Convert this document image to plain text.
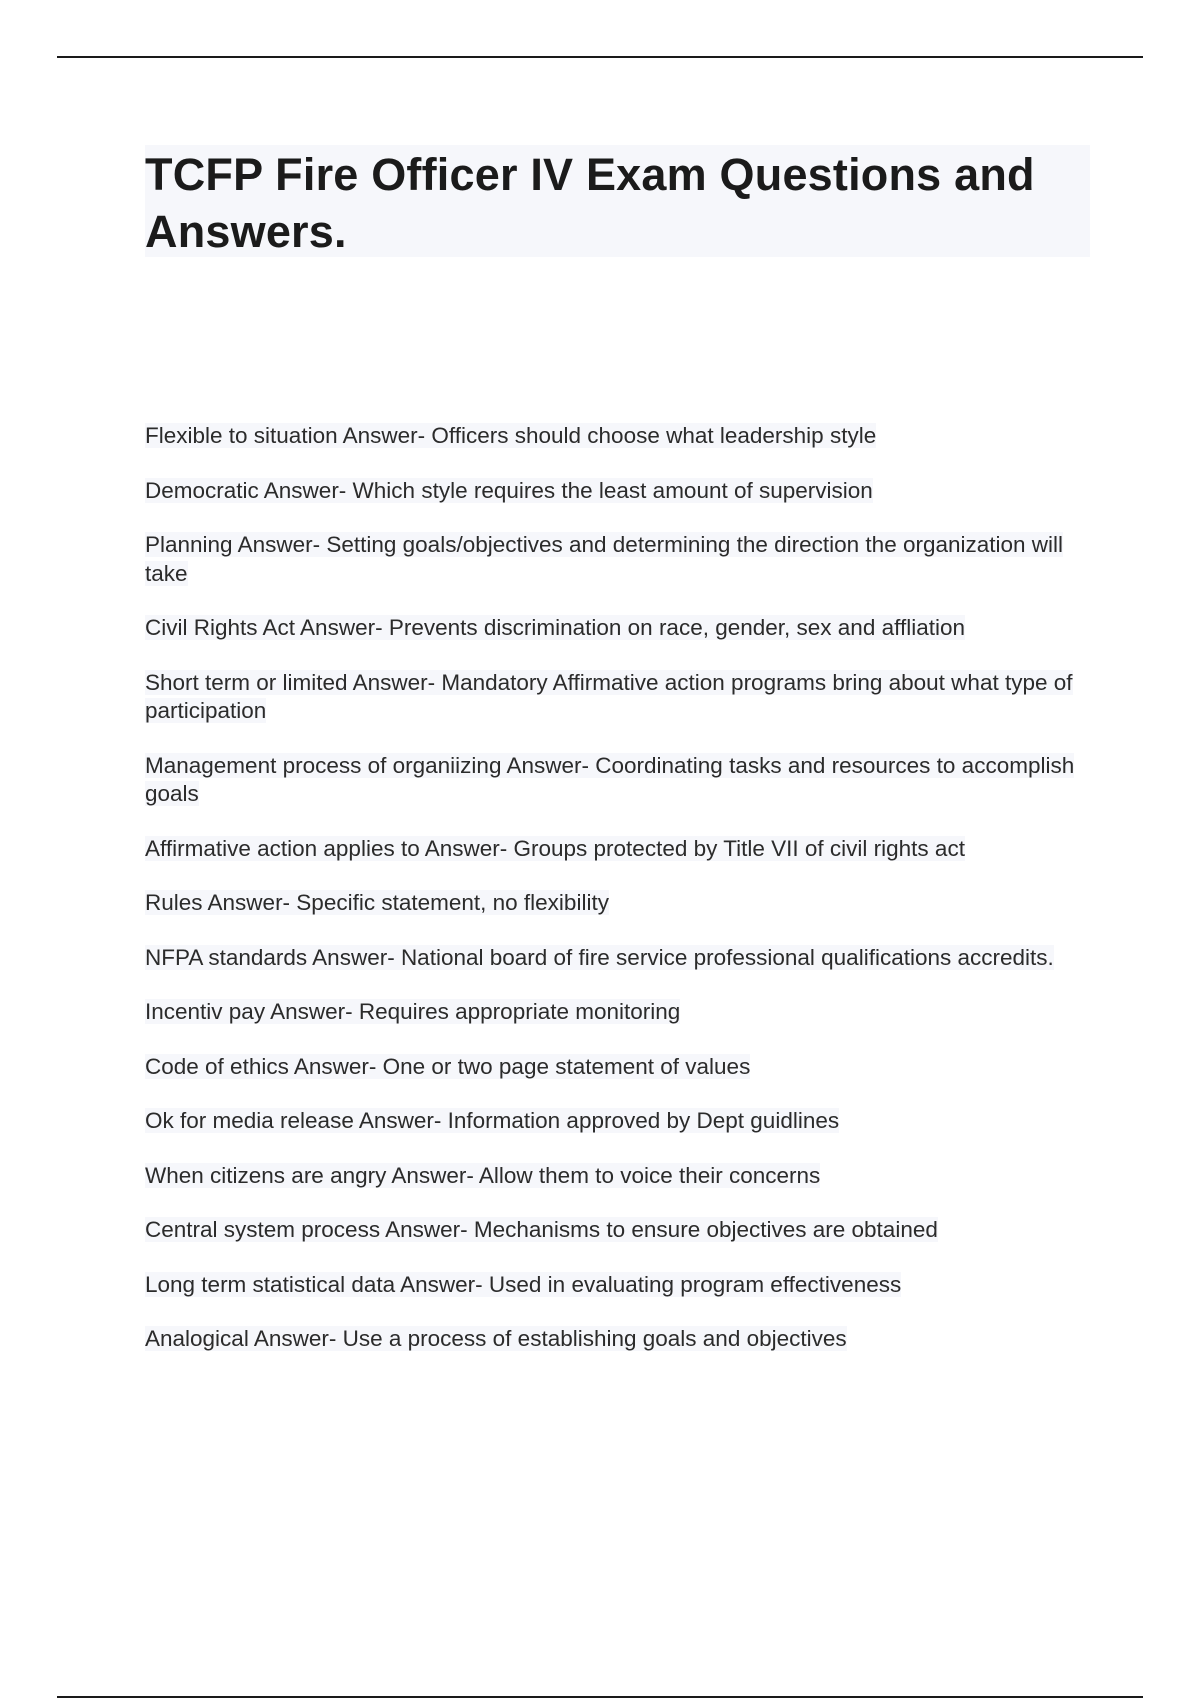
TCFP Fire Officer IV Exam Questions and Answers.
Flexible to situation Answer- Officers should choose what leadership style
Democratic Answer- Which style requires the least amount of supervision
Planning Answer- Setting goals/objectives and determining the direction the organization will take
Civil Rights Act Answer- Prevents discrimination on race, gender, sex and affliation
Short term or limited Answer- Mandatory Affirmative action programs bring about what type of participation
Management process of organiizing Answer- Coordinating tasks and resources to accomplish goals
Affirmative action applies to Answer- Groups protected by Title VII of civil rights act
Rules Answer- Specific statement, no flexibility
NFPA standards Answer- National board of fire service professional qualifications accredits.
Incentiv pay Answer- Requires appropriate monitoring
Code of ethics Answer- One or two page statement of values
Ok for media release Answer- Information approved by Dept guidlines
When citizens are angry Answer- Allow them to voice their concerns
Central system process Answer- Mechanisms to ensure objectives are obtained
Long term statistical data Answer- Used in evaluating program effectiveness
Analogical Answer- Use a process of establishing goals and objectives
